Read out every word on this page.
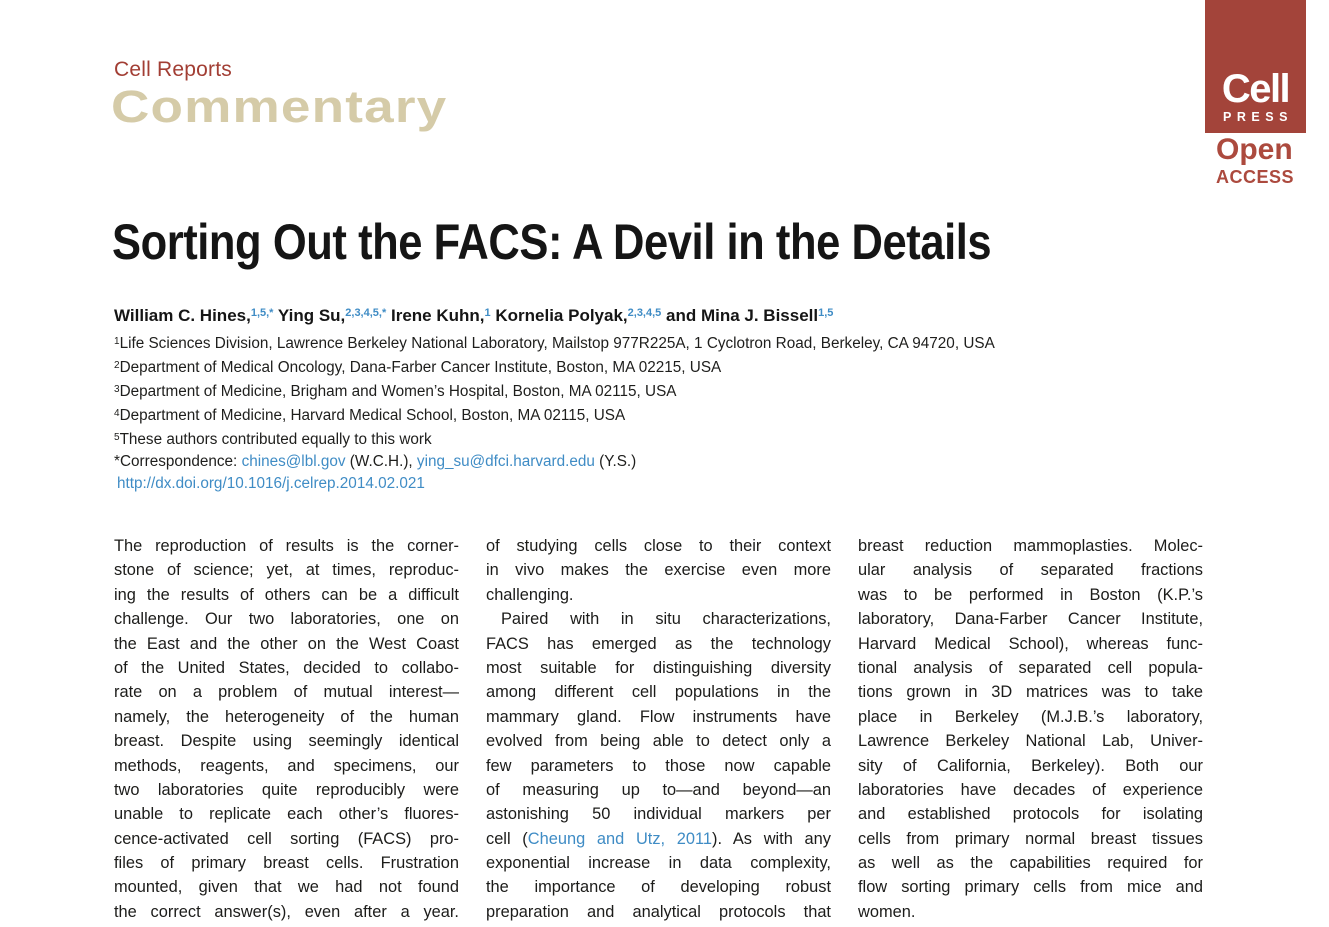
Cell Reports
Commentary	Cell
PRESS
Open
ACCESS
Sorting Out the FACS: A Devil in the Details
William C. Hines,$^{1,5,*}$ Ying Su,$^{2,3,4,5,*}$ Irene Kuhn,$^1$ Kornelia Polyak,$^{2,3,4,5}$ and Mina J. Bissell$^{1,5}$
$^1$Life Sciences Division, Lawrence Berkeley National Laboratory, Mailstop 977R225A, 1 Cyclotron Road, Berkeley, CA 94720, USA
$^2$Department of Medical Oncology, Dana-Farber Cancer Institute, Boston, MA 02215, USA
$^3$Department of Medicine, Brigham and Women’s Hospital, Boston, MA 02115, USA
$^4$Department of Medicine, Harvard Medical School, Boston, MA 02115, USA
$^5$These authors contributed equally to this work
*Correspondence: chines@lbl.gov (W.C.H.), ying_su@dfci.harvard.edu (Y.S.)
http://dx.doi.org/10.1016/j.celrep.2014.02.021
The reproduction of results is the corner-
stone of science; yet, at times, reproduc-
ing the results of others can be a difficult
challenge. Our two laboratories, one on
the East and the other on the West Coast
of the United States, decided to collabo-
rate on a problem of mutual interest—
namely, the heterogeneity of the human
breast. Despite using seemingly identical
methods, reagents, and specimens, our
two laboratories quite reproducibly were
unable to replicate each other’s fluores-
cence-activated cell sorting (FACS) pro-
files of primary breast cells. Frustration
mounted, given that we had not found
the correct answer(s), even after a year.
of studying cells close to their context
in vivo makes the exercise even more
challenging.
Paired with in situ characterizations,
FACS has emerged as the technology
most suitable for distinguishing diversity
among different cell populations in the
mammary gland. Flow instruments have
evolved from being able to detect only a
few parameters to those now capable
of measuring up to—and beyond—an
astonishing 50 individual markers per
cell (Cheung and Utz, 2011). As with any
exponential increase in data complexity,
the importance of developing robust
preparation and analytical protocols that
breast reduction mammoplasties. Molec-
ular analysis of separated fractions
was to be performed in Boston (K.P.’s
laboratory, Dana-Farber Cancer Institute,
Harvard Medical School), whereas func-
tional analysis of separated cell popula-
tions grown in 3D matrices was to take
place in Berkeley (M.J.B.’s laboratory,
Lawrence Berkeley National Lab, Univer-
sity of California, Berkeley). Both our
laboratories have decades of experience
and established protocols for isolating
cells from primary normal breast tissues
as well as the capabilities required for
flow sorting primary cells from mice and
women.
